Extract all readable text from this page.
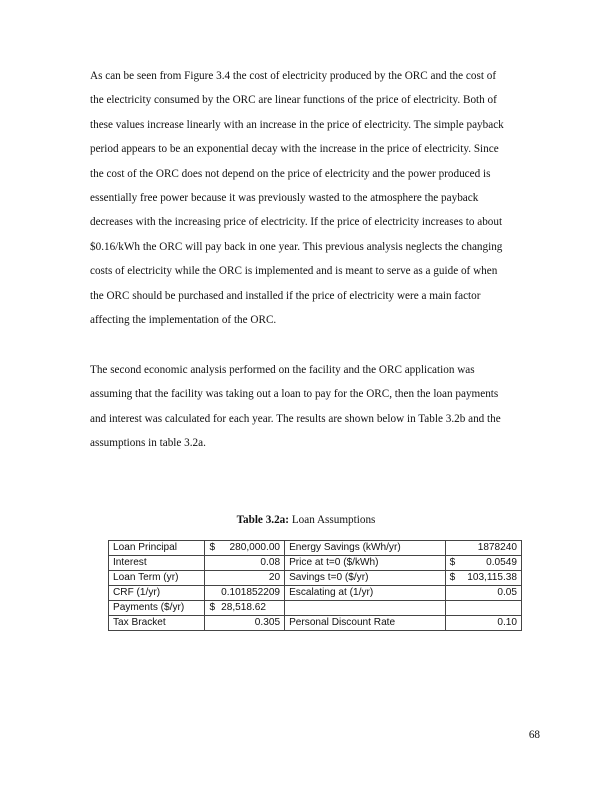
As can be seen from Figure 3.4 the cost of electricity produced by the ORC and the cost of
the electricity consumed by the ORC are linear functions of the price of electricity. Both of
these values increase linearly with an increase in the price of electricity. The simple payback
period appears to be an exponential decay with the increase in the price of electricity. Since
the cost of the ORC does not depend on the price of electricity and the power produced is
essentially free power because it was previously wasted to the atmosphere the payback
decreases with the increasing price of electricity. If the price of electricity increases to about
$0.16/kWh the ORC will pay back in one year. This previous analysis neglects the changing
costs of electricity while the ORC is implemented and is meant to serve as a guide of when
the ORC should be purchased and installed if the price of electricity were a main factor
affecting the implementation of the ORC.
The second economic analysis performed on the facility and the ORC application was
assuming that the facility was taking out a loan to pay for the ORC, then the loan payments
and interest was calculated for each year. The results are shown below in Table 3.2b and the
assumptions in table 3.2a.
Table 3.2a: Loan Assumptions
Loan Principal	$ 280,000.00	Energy Savings (kWh/yr)	1878240

Interest	0.08	Price at t=0 ($/kWh)	$ 0.0549

Loan Term (yr)	20	Savings t=0 ($/yr)	$ 103,115.38

CRF (1/yr)	0.101852209	Escalating at (1/yr)	0.05

Payments ($/yr)	$ 28,518.62		

Tax Bracket	0.305	Personal Discount Rate	0.10
68
